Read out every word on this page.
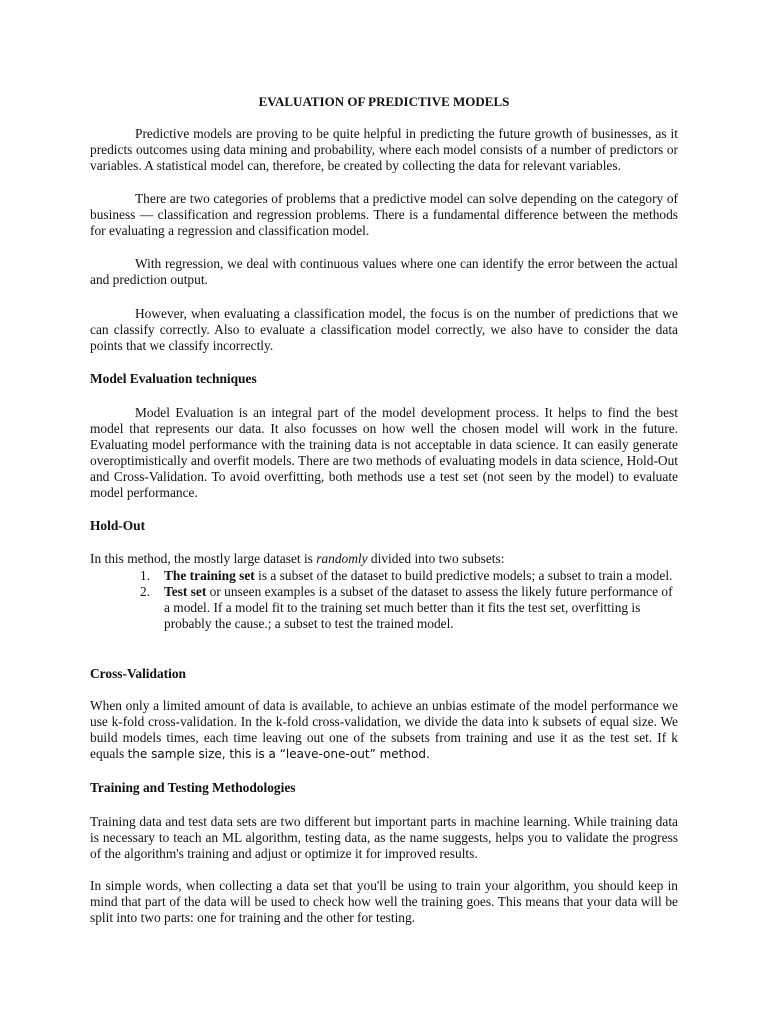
EVALUATION OF PREDICTIVE MODELS

Predictive models are proving to be quite helpful in predicting the future growth of businesses, as it predicts outcomes using data mining and probability, where each model consists of a number of predictors or variables. A statistical model can, therefore, be created by collecting the data for relevant variables.

There are two categories of problems that a predictive model can solve depending on the category of business — classification and regression problems. There is a fundamental difference between the methods for evaluating a regression and classification model.

With regression, we deal with continuous values where one can identify the error between the actual and prediction output.

However, when evaluating a classification model, the focus is on the number of predictions that we can classify correctly. Also to evaluate a classification model correctly, we also have to consider the data points that we classify incorrectly.

Model Evaluation techniques

Model Evaluation is an integral part of the model development process. It helps to find the best model that represents our data. It also focusses on how well the chosen model will work in the future. Evaluating model performance with the training data is not acceptable in data science. It can easily generate overoptimistically and overfit models. There are two methods of evaluating models in data science, Hold-Out and Cross-Validation. To avoid overfitting, both methods use a test set (not seen by the model) to evaluate model performance.

Hold-Out

In this method, the mostly large dataset is randomly divided into two subsets:

1. The training set is a subset of the dataset to build predictive models; a subset to train a model.
2. Test set or unseen examples is a subset of the dataset to assess the likely future performance of a model. If a model fit to the training set much better than it fits the test set, overfitting is probably the cause.; a subset to test the trained model.

Cross-Validation

When only a limited amount of data is available, to achieve an unbias estimate of the model performance we use k-fold cross-validation. In the k-fold cross-validation, we divide the data into k subsets of equal size. We build models times, each time leaving out one of the subsets from training and use it as the test set. If k equals the sample size, this is a “leave-one-out” method.

Training and Testing Methodologies

Training data and test data sets are two different but important parts in machine learning. While training data is necessary to teach an ML algorithm, testing data, as the name suggests, helps you to validate the progress of the algorithm's training and adjust or optimize it for improved results.

In simple words, when collecting a data set that you'll be using to train your algorithm, you should keep in mind that part of the data will be used to check how well the training goes. This means that your data will be split into two parts: one for training and the other for testing.
